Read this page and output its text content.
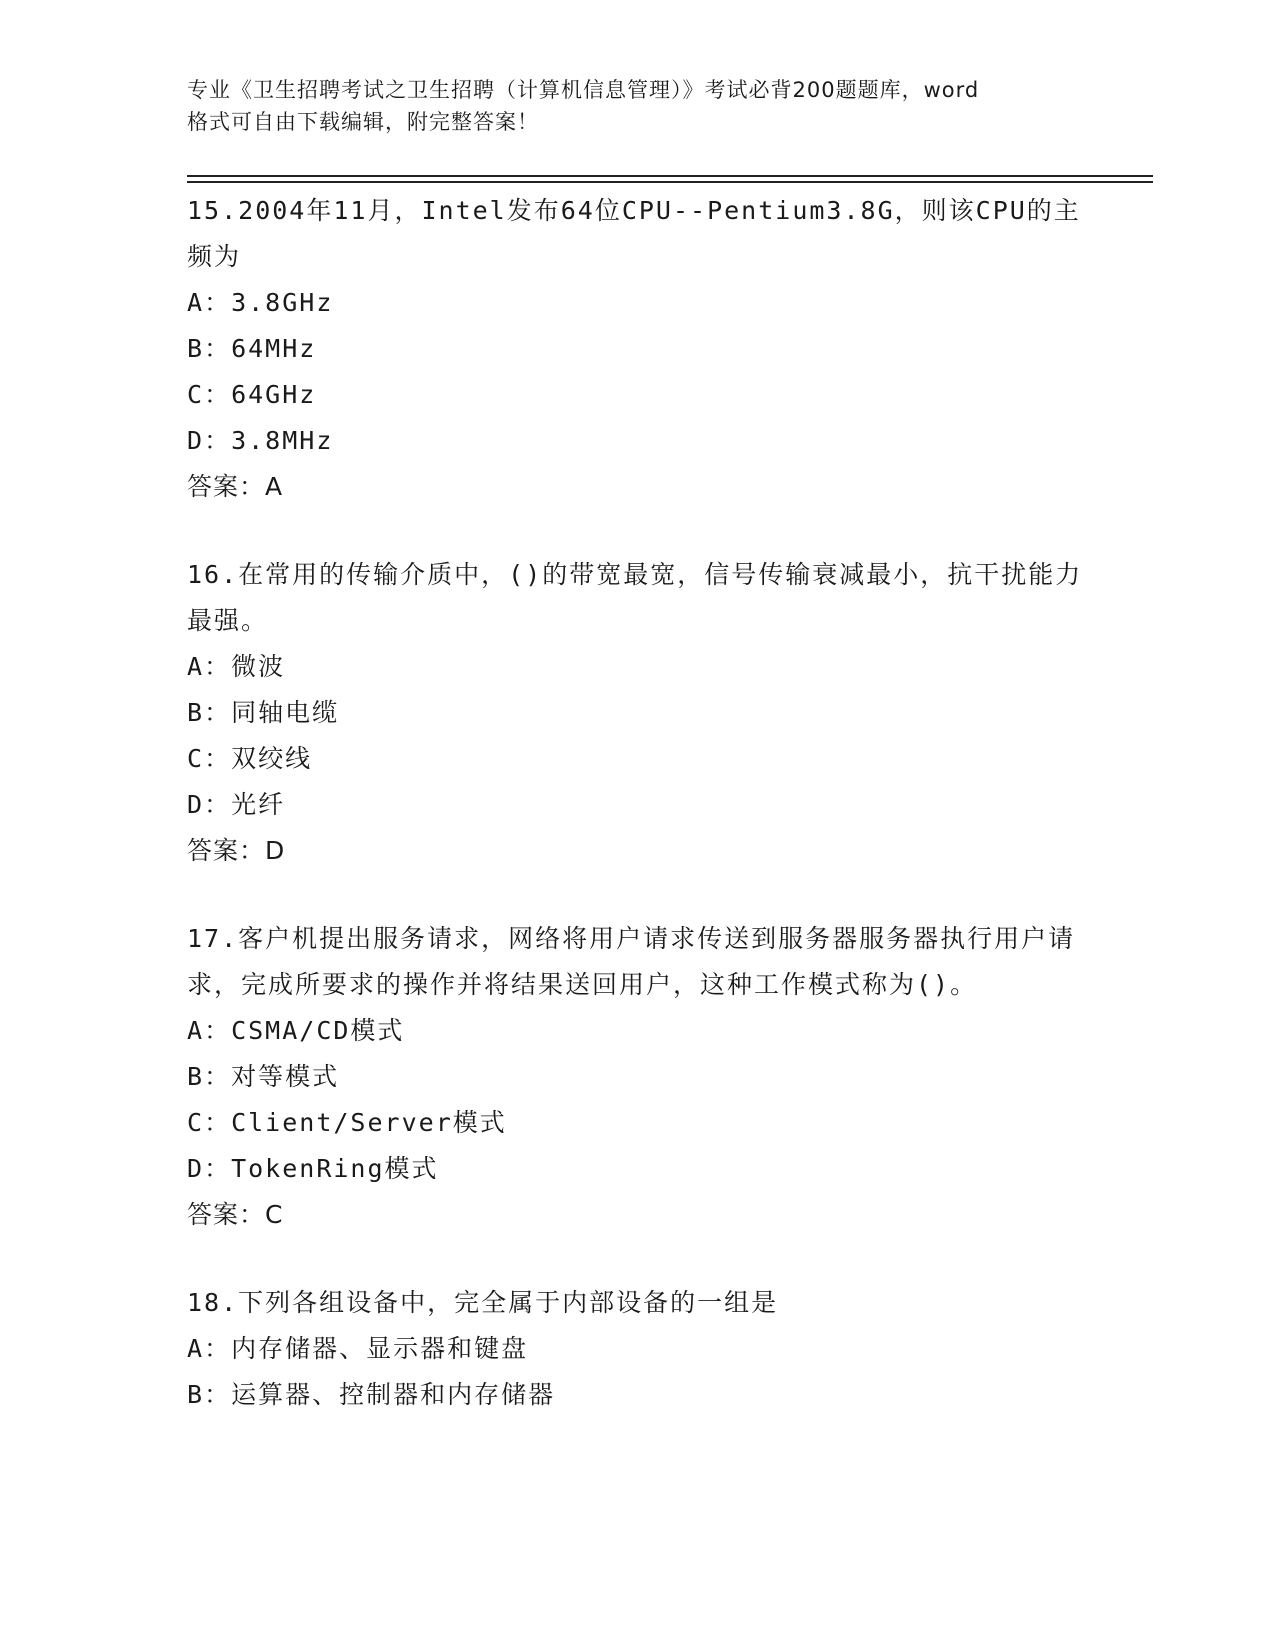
专业《卫生招聘考试之卫生招聘（计算机信息管理）》考试必背200题题库，word
格式可自由下载编辑，附完整答案！
15.2004年11月，Intel发布64位CPU--Pentium3.8G，则该CPU的主频为
A：3.8GHz
B：64MHz
C：64GHz
D：3.8MHz
答案：A
16.在常用的传输介质中，()的带宽最宽，信号传输衰减最小，抗干扰能力最强。
A：微波
B：同轴电缆
C：双绞线
D：光纤
答案：D
17.客户机提出服务请求，网络将用户请求传送到服务器服务器执行用户请求，完成所要求的操作并将结果送回用户，这种工作模式称为()。
A：CSMA/CD模式
B：对等模式
C：Client/Server模式
D：TokenRing模式
答案：C
18.下列各组设备中，完全属于内部设备的一组是
A：内存储器、显示器和键盘
B：运算器、控制器和内存储器
